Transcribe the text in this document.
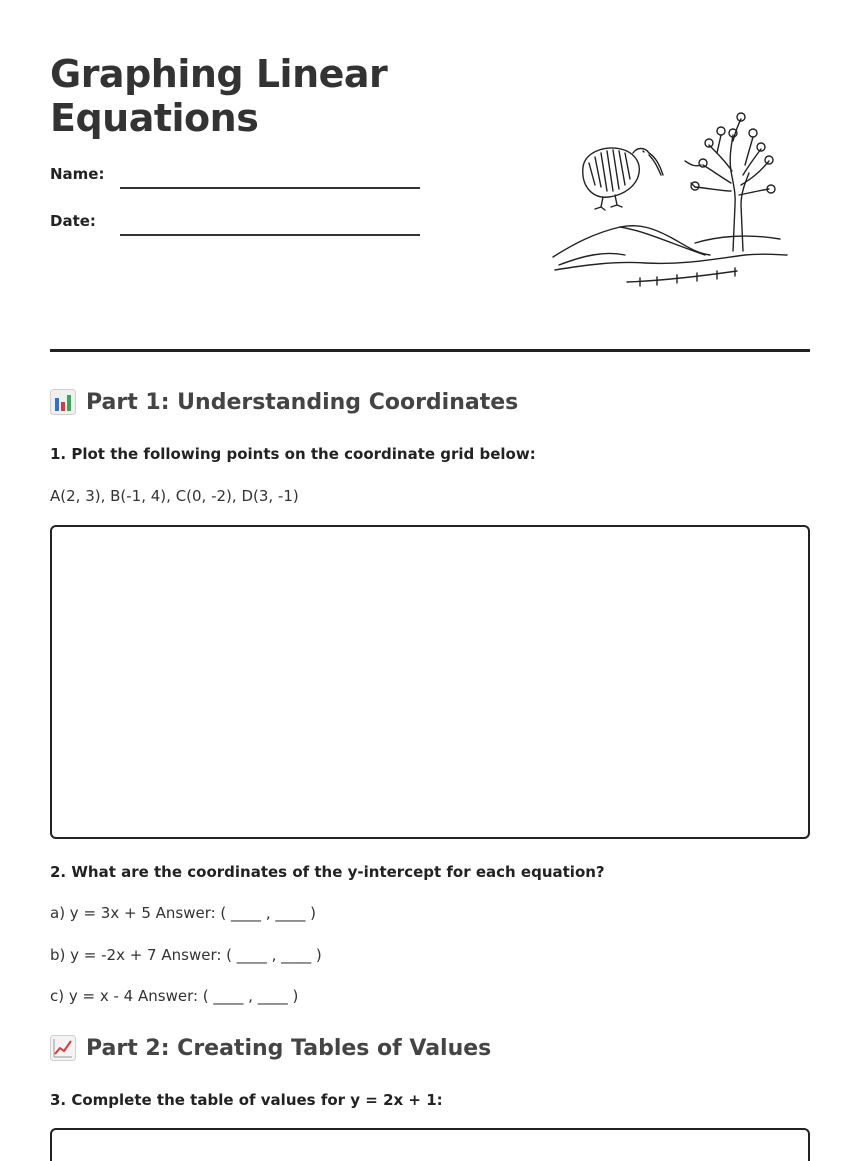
Graphing Linear Equations
Name:
Date:
Part 1: Understanding Coordinates

1. Plot the following points on the coordinate grid below:

A(2, 3), B(-1, 4), C(0, -2), D(3, -1)

2. What are the coordinates of the y-intercept for each equation?

a) y = 3x + 5 Answer: ( ____ , ____ )

b) y = -2x + 7 Answer: ( ____ , ____ )

c) y = x - 4 Answer: ( ____ , ____ )

Part 2: Creating Tables of Values

3. Complete the table of values for y = 2x + 1:
